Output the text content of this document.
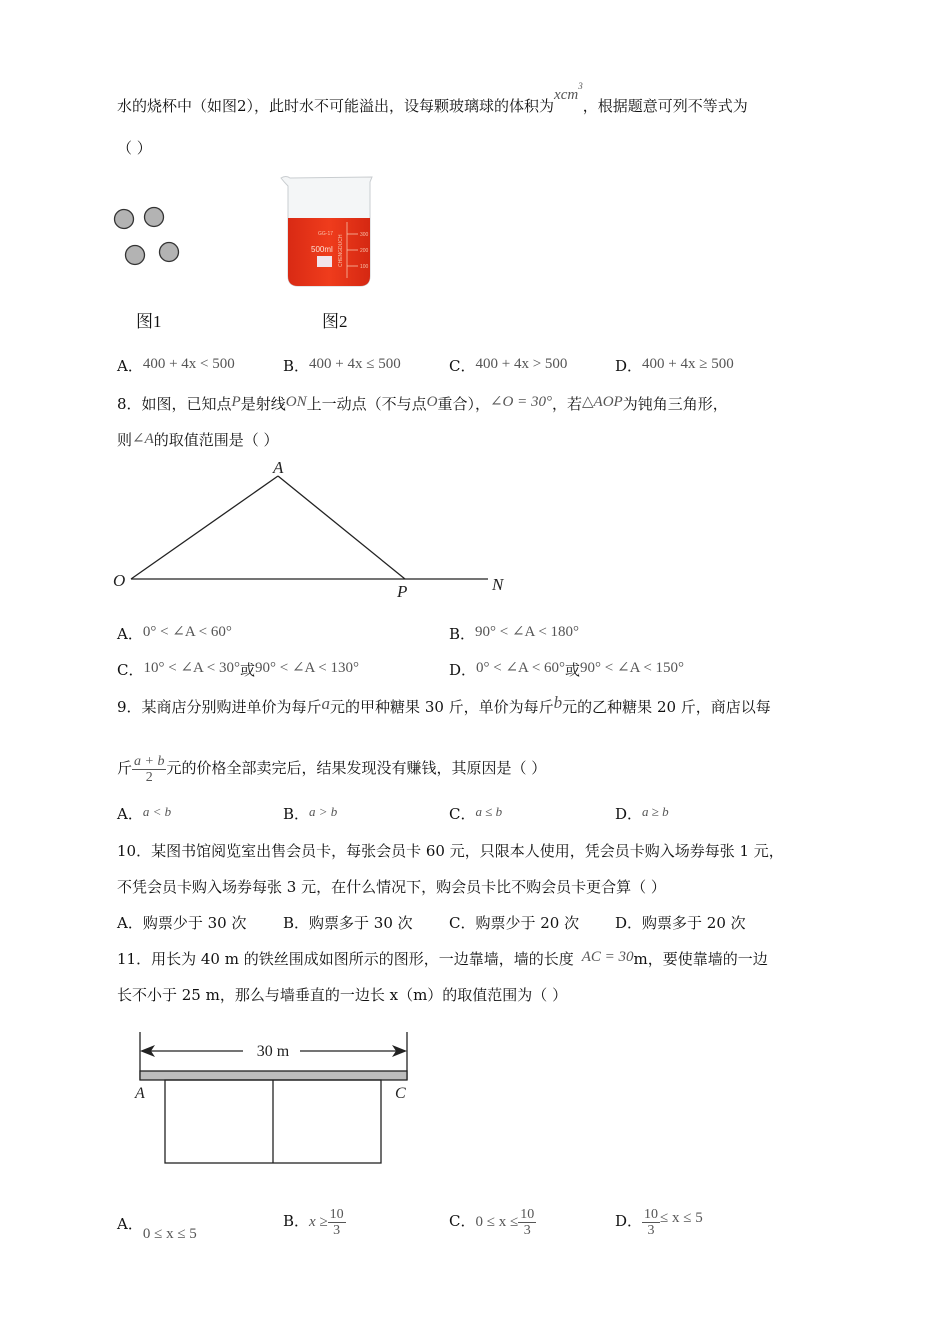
水的烧杯中（如图2），此时水不可能溢出，设每颗玻璃球的体积为xcm$^3$，根据题意可列不等式为
（ ）
图1
GG-17
500ml CHENGDUCH	300
200
100
图2
A．400 + 4x < 500	B．400 + 4x ≤ 500	C．400 + 4x > 500	D．400 + 4x ≥ 500
8．如图，已知点P是射线ON上一动点（不与点O重合），∠O = 30°，若△AOP为钝角三角形，
则∠A的取值范围是（ ）
A
O
P	N
A．0° < ∠A < 60°	B．90° < ∠A < 180°
C．10° < ∠A < 30°或90° < ∠A < 130°	D．0° < ∠A < 60°或90° < ∠A < 150°
9．某商店分别购进单价为每斤a元的甲种糖果 30 斤，单价为每斤b元的乙种糖果 20 斤，商店以每
斤 $\frac{a + b}{2}$ 元的价格全部卖完后，结果发现没有赚钱，其原因是（ ）
A．a < b	B．a > b	C．a ≤ b	D．a ≥ b
10．某图书馆阅览室出售会员卡，每张会员卡 60 元，只限本人使用，凭会员卡购入场券每张 1 元，
不凭会员卡购入场券每张 3 元，在什么情况下，购会员卡比不购会员卡更合算（ ）
A．购票少于 30 次 B．购票多于 30 次 C．购票少于 20 次 D．购票多于 20 次
11．用长为 40 m 的铁丝围成如图所示的图形，一边靠墙，墙的长度 AC = 30m，要使靠墙的一边
长不小于 25 m，那么与墙垂直的一边长 x（m）的取值范围为（ ）
30 m
A	C
A．0 ≤ x ≤ 5
B．$x \ge \frac{10}{3}$	C．$0 \le x \le \frac{10}{3}$	D． $\frac{10}{3} \le x \le 5$
